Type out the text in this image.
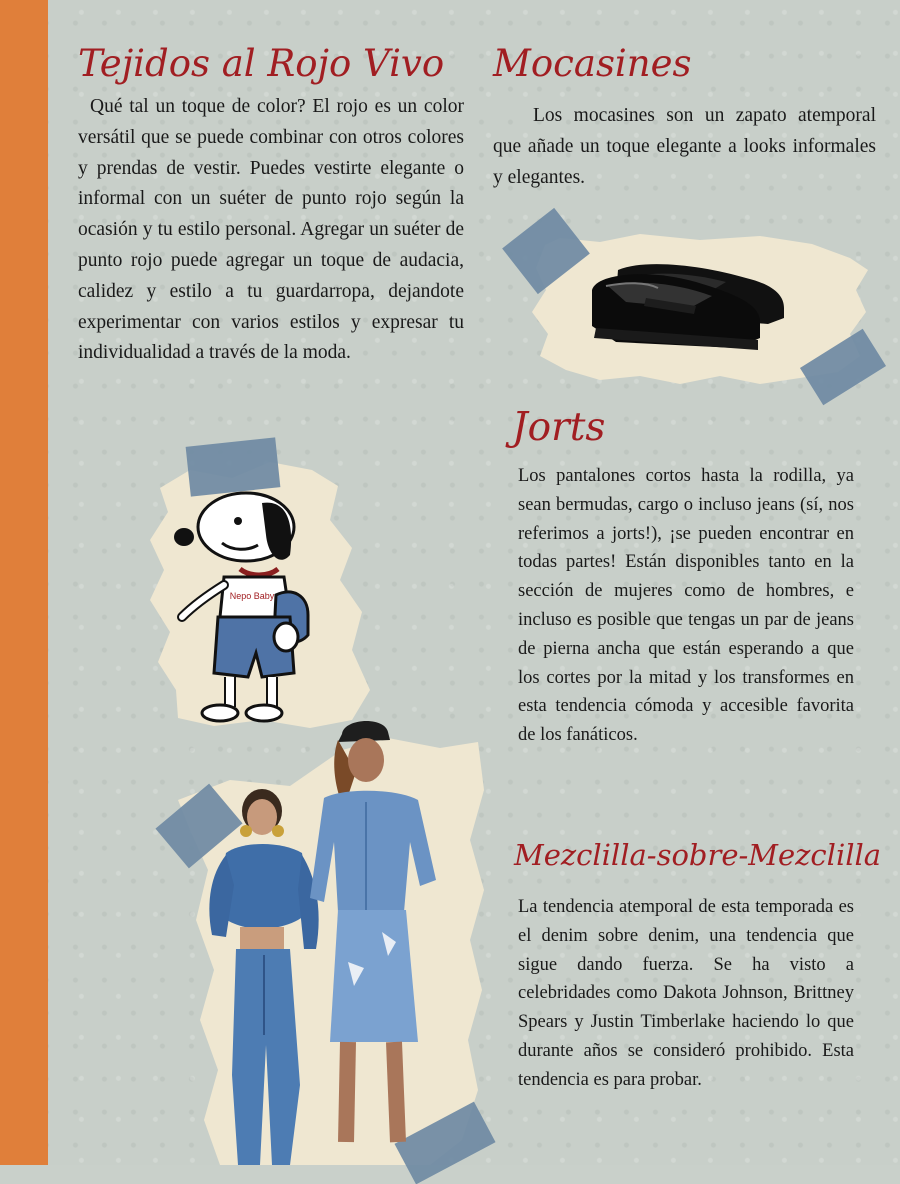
Tejidos al Rojo Vivo

Qué tal un toque de color? El rojo es un color versátil que se puede combinar con otros colores y prendas de vestir. Puedes vestirte elegante o informal con un suéter de punto rojo según la ocasión y tu estilo personal. Agregar un suéter de punto rojo puede agregar un toque de audacia, calidez y estilo a tu guardarropa, dejandote experimentar con varios estilos y expresar tu individualidad a través de la moda.

Mocasines

Los mocasines son un zapato atemporal que añade un toque elegante a looks informales y elegantes.

Jorts

Los pantalones cortos hasta la rodilla, ya sean bermudas, cargo o incluso jeans (sí, nos referimos a jorts!), ¡se pueden encontrar en todas partes! Están disponibles tanto en la sección de mujeres como de hombres, e incluso es posible que tengas un par de jeans de pierna ancha que están esperando a que los cortes por la mitad y los transformes en esta tendencia cómoda y accesible favorita de los fanáticos.

Mezclilla-sobre-Mezclilla

La tendencia atemporal de esta temporada es el denim sobre denim, una tendencia que sigue dando fuerza. Se ha visto a celebridades como Dakota Johnson, Brittney Spears y Justin Timberlake haciendo lo que durante años se consideró prohibido. Esta tendencia es para probar.

Nepo Baby
